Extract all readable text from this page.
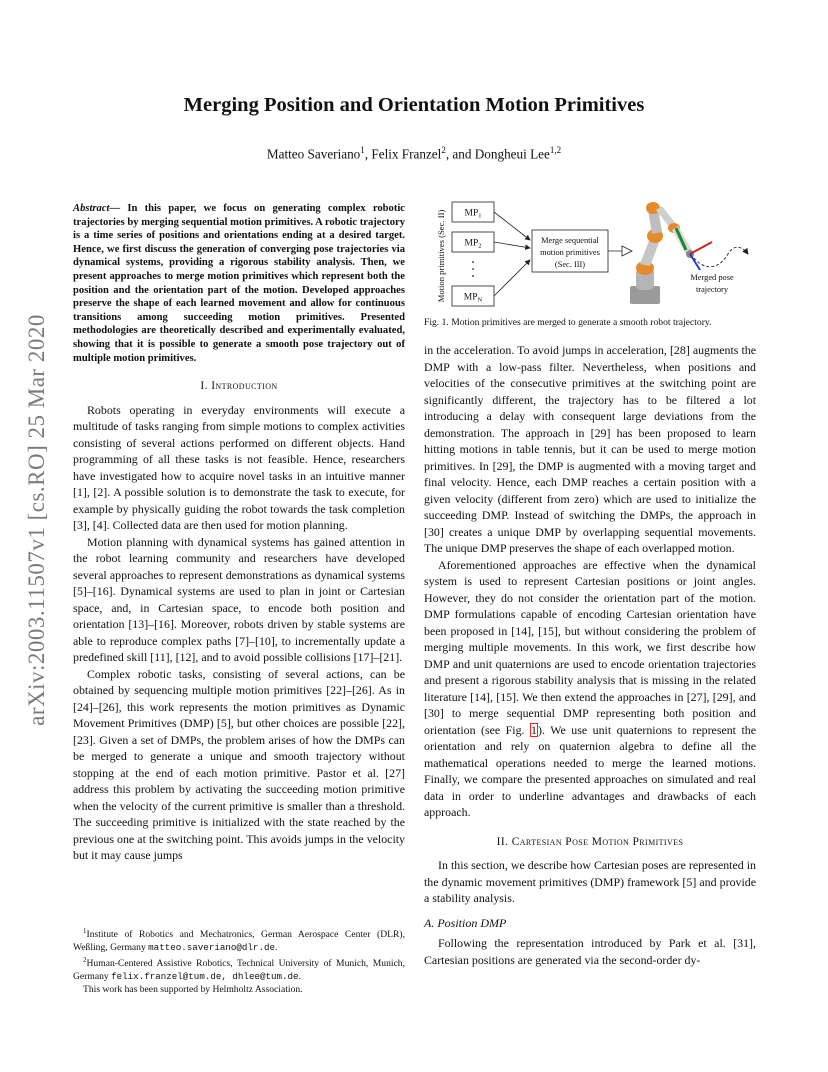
arXiv:2003.11507v1 [cs.RO] 25 Mar 2020
Merging Position and Orientation Motion Primitives
Matteo Saveriano$^1$, Felix Franzel$^2$, and Dongheui Lee$^{1,2}$

Abstract— In this paper, we focus on generating complex robotic trajectories by merging sequential motion primitives. A robotic trajectory is a time series of positions and orientations ending at a desired target. Hence, we first discuss the generation of converging pose trajectories via dynamical systems, providing a rigorous stability analysis. Then, we present approaches to merge motion primitives which represent both the position and the orientation part of the motion. Developed approaches preserve the shape of each learned movement and allow for continuous transitions among succeeding motion primitives. Presented methodologies are theoretically described and experimentally evaluated, showing that it is possible to generate a smooth pose trajectory out of multiple motion primitives.

I. Introduction

Robots operating in everyday environments will execute a multitude of tasks ranging from simple motions to complex activities consisting of several actions performed on different objects. Hand programming of all these tasks is not feasible. Hence, researchers have investigated how to acquire novel tasks in an intuitive manner [1], [2]. A possible solution is to demonstrate the task to execute, for example by physically guiding the robot towards the task completion [3], [4]. Collected data are then used for motion planning.

Motion planning with dynamical systems has gained attention in the robot learning community and researchers have developed several approaches to represent demonstrations as dynamical systems [5]–[16]. Dynamical systems are used to plan in joint or Cartesian space, and, in Cartesian space, to encode both position and orientation [13]–[16]. Moreover, robots driven by stable systems are able to reproduce complex paths [7]–[10], to incrementally update a predefined skill [11], [12], and to avoid possible collisions [17]–[21].

Complex robotic tasks, consisting of several actions, can be obtained by sequencing multiple motion primitives [22]–[26]. As in [24]–[26], this work represents the motion primitives as Dynamic Movement Primitives (DMP) [5], but other choices are possible [22], [23]. Given a set of DMPs, the problem arises of how the DMPs can be merged to generate a unique and smooth trajectory without stopping at the end of each motion primitive. Pastor et al. [27] address this problem by activating the succeeding motion primitive when the velocity of the current primitive is smaller than a threshold. The succeeding primitive is initialized with the state reached by the previous one at the switching point. This avoids jumps in the velocity but it may cause jumps

$^1$Institute of Robotics and Mechatronics, German Aerospace Center (DLR), Weßling, Germany matteo.saveriano@dlr.de.

$^2$Human-Centered Assistive Robotics, Technical University of Munich, Munich, Germany felix.franzel@tum.de, dhlee@tum.de.

This work has been supported by Helmholtz Association.

Motion primitives (Sec. II) $MP_1$
$MP_2$
$MP_N$
Merge sequential
motion primitives
(Sec. III)
Merged pose
trajectory
Fig. 1. Motion primitives are merged to generate a smooth robot trajectory.

in the acceleration. To avoid jumps in acceleration, [28] augments the DMP with a low-pass filter. Nevertheless, when positions and velocities of the consecutive primitives at the switching point are significantly different, the trajectory has to be filtered a lot introducing a delay with consequent large deviations from the demonstration. The approach in [29] has been proposed to learn hitting motions in table tennis, but it can be used to merge motion primitives. In [29], the DMP is augmented with a moving target and final velocity. Hence, each DMP reaches a certain position with a given velocity (different from zero) which are used to initialize the succeeding DMP. Instead of switching the DMPs, the approach in [30] creates a unique DMP by overlapping sequential movements. The unique DMP preserves the shape of each overlapped motion.

Aforementioned approaches are effective when the dynamical system is used to represent Cartesian positions or joint angles. However, they do not consider the orientation part of the motion. DMP formulations capable of encoding Cartesian orientation have been proposed in [14], [15], but without considering the problem of merging multiple movements. In this work, we first describe how DMP and unit quaternions are used to encode orientation trajectories and present a rigorous stability analysis that is missing in the related literature [14], [15]. We then extend the approaches in [27], [29], and [30] to merge sequential DMP representing both position and orientation (see Fig. 1). We use unit quaternions to represent the orientation and rely on quaternion algebra to define all the mathematical operations needed to merge the learned motions. Finally, we compare the presented approaches on simulated and real data in order to underline advantages and drawbacks of each approach.

II. Cartesian Pose Motion Primitives

In this section, we describe how Cartesian poses are represented in the dynamic movement primitives (DMP) framework [5] and provide a stability analysis.

A. Position DMP

Following the representation introduced by Park et al. [31], Cartesian positions are generated via the second-order dy-
